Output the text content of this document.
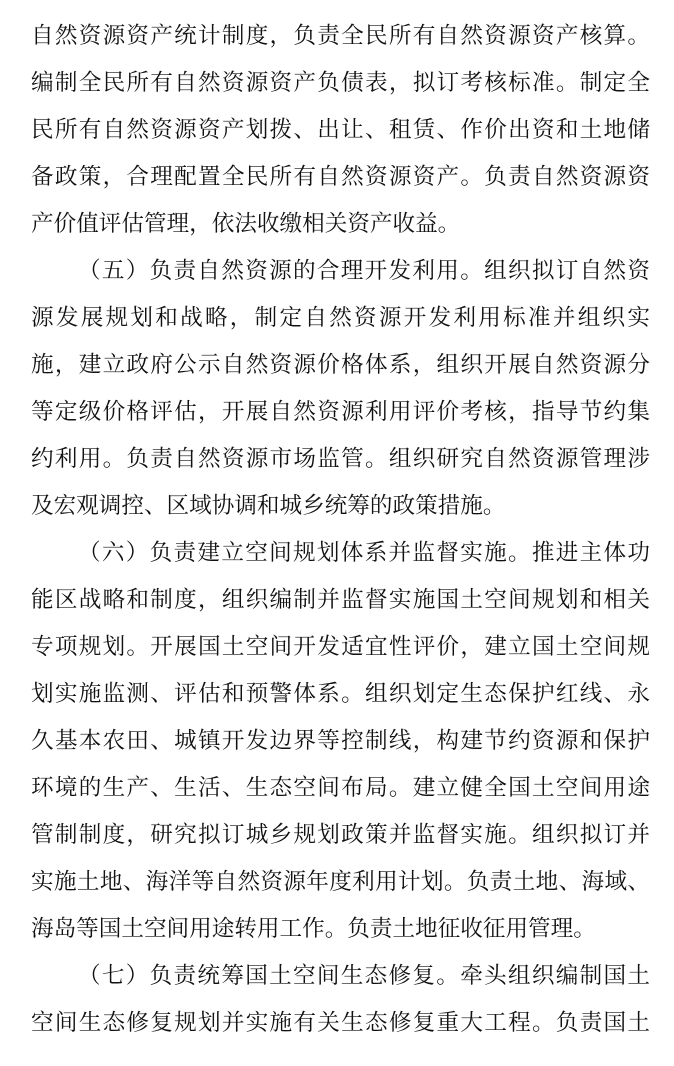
自然资源资产统计制度，负责全民所有自然资源资产核算。
编制全民所有自然资源资产负债表，拟订考核标准。制定全
民所有自然资源资产划拨、出让、租赁、作价出资和土地储
备政策，合理配置全民所有自然资源资产。负责自然资源资
产价值评估管理，依法收缴相关资产收益。
（五）负责自然资源的合理开发利用。组织拟订自然资
源发展规划和战略，制定自然资源开发利用标准并组织实
施，建立政府公示自然资源价格体系，组织开展自然资源分
等定级价格评估，开展自然资源利用评价考核，指导节约集
约利用。负责自然资源市场监管。组织研究自然资源管理涉
及宏观调控、区域协调和城乡统筹的政策措施。
（六）负责建立空间规划体系并监督实施。推进主体功
能区战略和制度，组织编制并监督实施国土空间规划和相关
专项规划。开展国土空间开发适宜性评价，建立国土空间规
划实施监测、评估和预警体系。组织划定生态保护红线、永
久基本农田、城镇开发边界等控制线，构建节约资源和保护
环境的生产、生活、生态空间布局。建立健全国土空间用途
管制制度，研究拟订城乡规划政策并监督实施。组织拟订并
实施土地、海洋等自然资源年度利用计划。负责土地、海域、
海岛等国土空间用途转用工作。负责土地征收征用管理。
（七）负责统筹国土空间生态修复。牵头组织编制国土
空间生态修复规划并实施有关生态修复重大工程。负责国土
